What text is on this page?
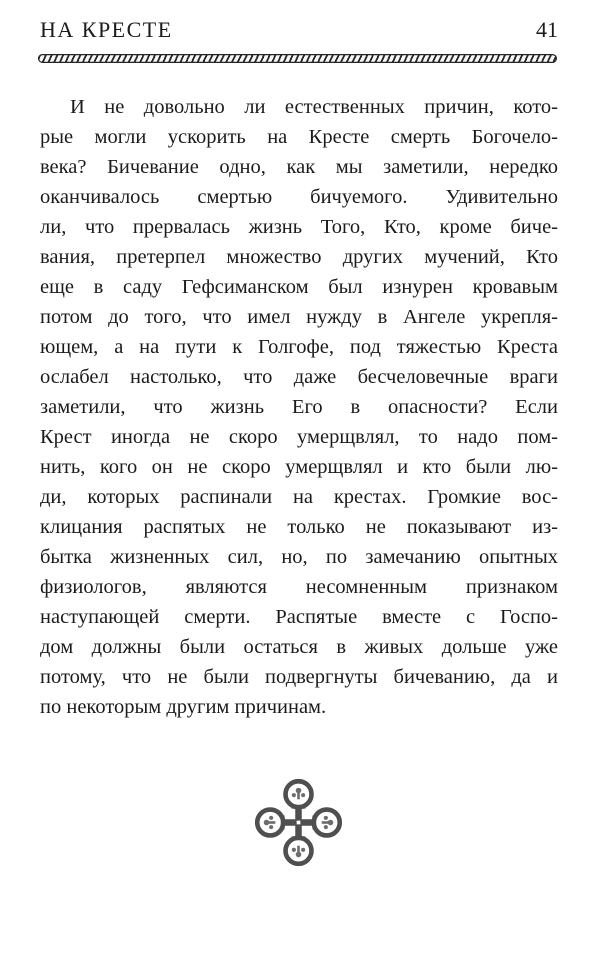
НА КРЕСТЕ	41
И не довольно ли естественных причин, кото-
рые могли ускорить на Кресте смерть Богочело-
века? Бичевание одно, как мы заметили, нередко
оканчивалось смертью бичуемого. Удивительно
ли, что прервалась жизнь Того, Кто, кроме биче-
вания, претерпел множество других мучений, Кто
еще в саду Гефсиманском был изнурен кровавым
потом до того, что имел нужду в Ангеле укрепля-
ющем, а на пути к Голгофе, под тяжестью Креста
ослабел настолько, что даже бесчеловечные враги
заметили, что жизнь Его в опасности? Если
Крест иногда не скоро умерщвлял, то надо пом-
нить, кого он не скоро умерщвлял и кто были лю-
ди, которых распинали на крестах. Громкие вос-
клицания распятых не только не показывают из-
бытка жизненных сил, но, по замечанию опытных
физиологов, являются несомненным признаком
наступающей смерти. Распятые вместе с Госпо-
дом должны были остаться в живых дольше уже
потому, что не были подвергнуты бичеванию, да и
по некоторым другим причинам.
